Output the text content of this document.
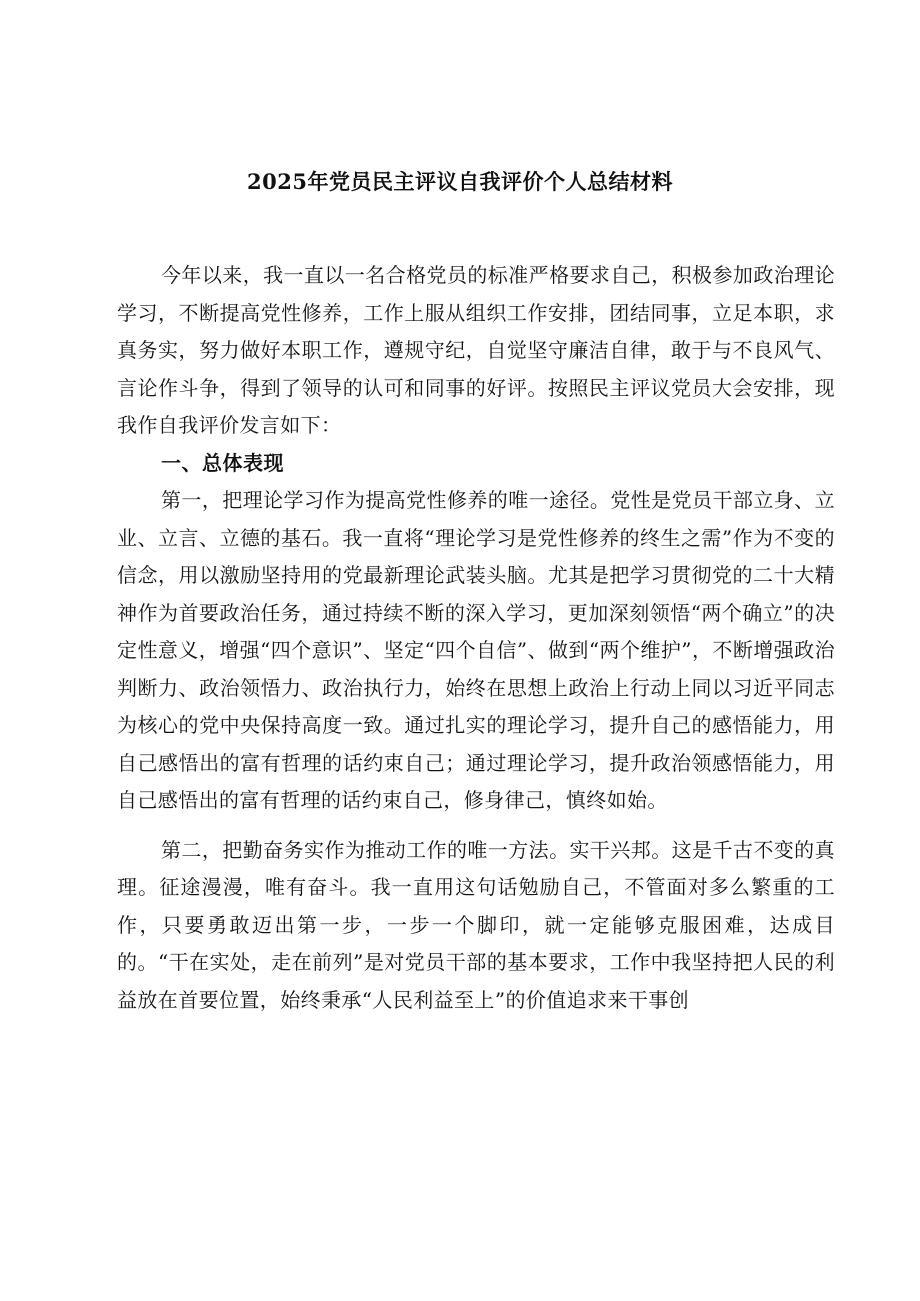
2025年党员民主评议自我评价个人总结材料

今年以来，我一直以一名合格党员的标准严格要求自己，积极参加政治理论学习，不断提高党性修养，工作上服从组织工作安排，团结同事，立足本职，求真务实，努力做好本职工作，遵规守纪，自觉坚守廉洁自律，敢于与不良风气、言论作斗争，得到了领导的认可和同事的好评。按照民主评议党员大会安排，现我作自我评价发言如下：

一、总体表现

第一，把理论学习作为提高党性修养的唯一途径。党性是党员干部立身、立业、立言、立德的基石。我一直将“理论学习是党性修养的终生之需”作为不变的信念，用以激励坚持用的党最新理论武装头脑。尤其是把学习贯彻党的二十大精神作为首要政治任务，通过持续不断的深入学习，更加深刻领悟“两个确立”的决定性意义，增强“四个意识”、坚定“四个自信”、做到“两个维护”，不断增强政治判断力、政治领悟力、政治执行力，始终在思想上政治上行动上同以习近平同志为核心的党中央保持高度一致。通过扎实的理论学习，提升自己的感悟能力，用自己感悟出的富有哲理的话约束自己；通过理论学习，提升政治领感悟能力，用自己感悟出的富有哲理的话约束自己，修身律己，慎终如始。

第二，把勤奋务实作为推动工作的唯一方法。实干兴邦。这是千古不变的真理。征途漫漫，唯有奋斗。我一直用这句话勉励自己，不管面对多么繁重的工作，只要勇敢迈出第一步，一步一个脚印，就一定能够克服困难，达成目的。“干在实处，走在前列”是对党员干部的基本要求，工作中我坚持把人民的利益放在首要位置，始终秉承“人民利益至上”的价值追求来干事创
